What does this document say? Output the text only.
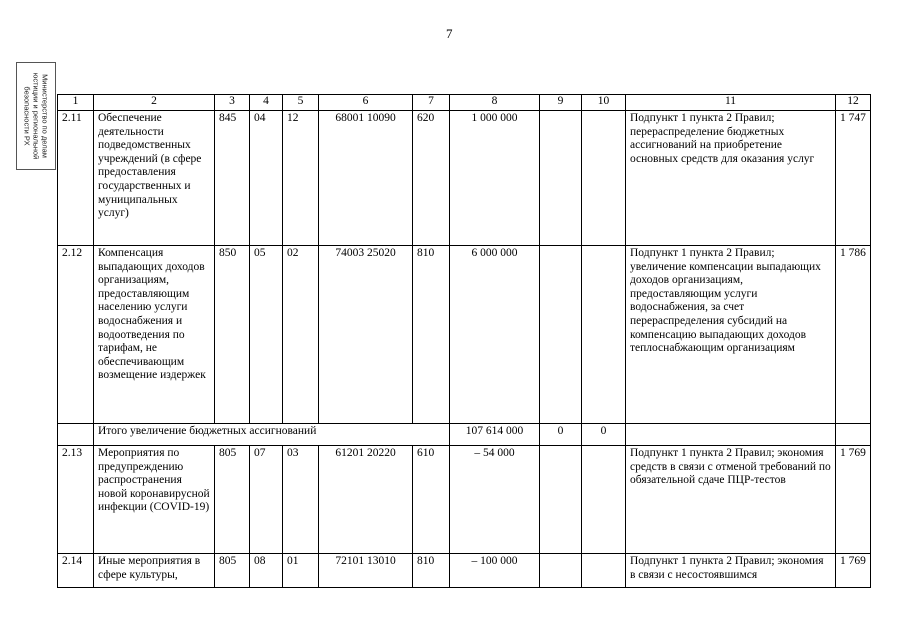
7
Министерство по делам
юстиции и региональной
безопасности РХ	1	2	3	4	5	6	7	8	9	10	11	12
2.11	Обеспечение деятельности подведомственных учреждений (в сфере предоставления государственных и муниципальных услуг)	845	04	12	68001 10090	620	1 000 000			Подпункт 1 пункта 2 Правил; перераспределение бюджетных ассигнований на приобретение основных средств для оказания услуг	1 747
2.12	Компенсация выпадающих доходов организациям, предоставляющим населению услуги водоснабжения и водоотведения по тарифам, не обеспечивающим возмещение издержек	850	05	02	74003 25020	810	6 000 000			Подпункт 1 пункта 2 Правил; увеличение компенсации выпадающих доходов организациям, предоставляющим услуги водоснабжения, за счет перераспределения субсидий на компенсацию выпадающих доходов теплоснабжающим организациям	1 786
	Итого увеличение бюджетных ассигнований						107 614 000	0	0		
2.13	Мероприятия по предупреждению распространения новой коронавирусной инфекции (COVID-19)	805	07	03	61201 20220	610	– 54 000			Подпункт 1 пункта 2 Правил; экономия средств в связи с отменой требований по обязательной сдаче ПЦР-тестов	1 769
2.14	Иные мероприятия в сфере культуры,	805	08	01	72101 13010	810	– 100 000			Подпункт 1 пункта 2 Правил; экономия в связи с несостоявшимся	1 769
